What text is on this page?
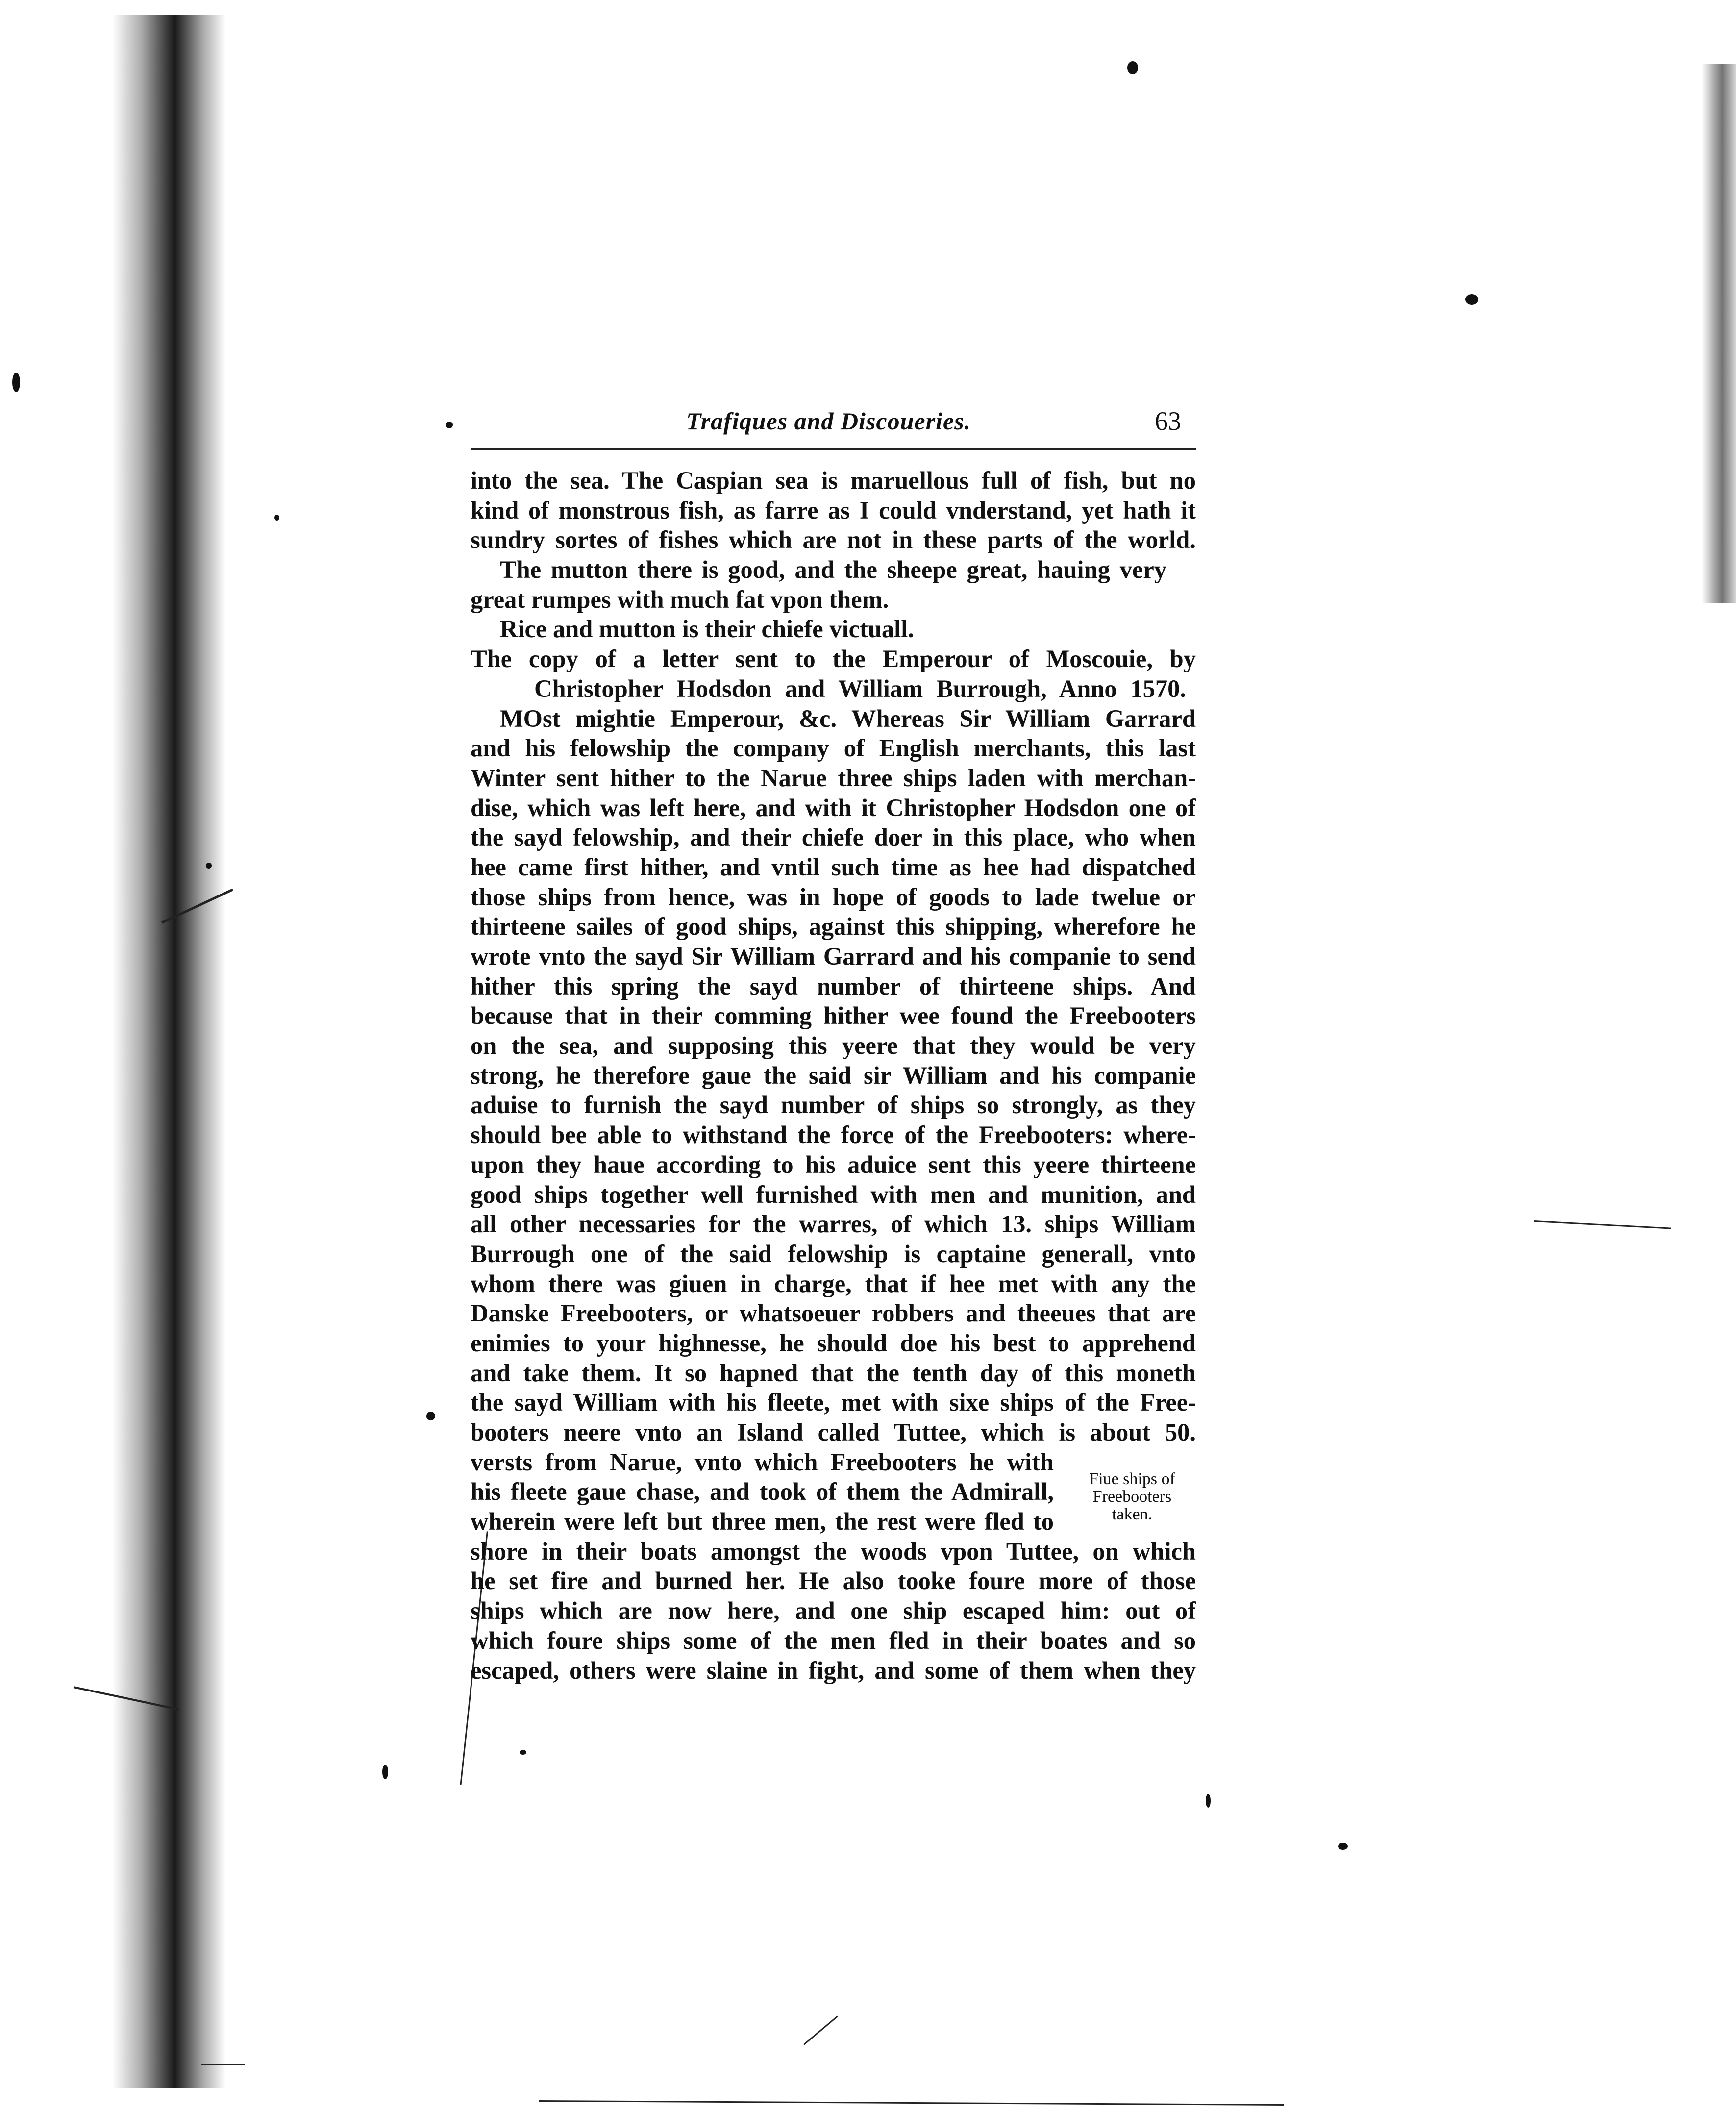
Trafiques and Discoueries.	63
into the sea. The Caspian sea is maruellous full of fish, but no
kind of monstrous fish, as farre as I could vnderstand, yet hath it
sundry sortes of fishes which are not in these parts of the world.
The mutton there is good, and the sheepe great, hauing very
great rumpes with much fat vpon them.
Rice and mutton is their chiefe victuall.
The copy of a letter sent to the Emperour of Moscouie, by
Christopher Hodsdon and William Burrough, Anno 1570.
MOst mightie Emperour, &c. Whereas Sir William Garrard
and his felowship the company of English merchants, this last
Winter sent hither to the Narue three ships laden with merchan-
dise, which was left here, and with it Christopher Hodsdon one of
the sayd felowship, and their chiefe doer in this place, who when
hee came first hither, and vntil such time as hee had dispatched
those ships from hence, was in hope of goods to lade twelue or
thirteene sailes of good ships, against this shipping, wherefore he
wrote vnto the sayd Sir William Garrard and his companie to send
hither this spring the sayd number of thirteene ships. And
because that in their comming hither wee found the Freebooters
on the sea, and supposing this yeere that they would be very
strong, he therefore gaue the said sir William and his companie
aduise to furnish the sayd number of ships so strongly, as they
should bee able to withstand the force of the Freebooters: where-
upon they haue according to his aduice sent this yeere thirteene
good ships together well furnished with men and munition, and
all other necessaries for the warres, of which 13. ships William
Burrough one of the said felowship is captaine generall, vnto
whom there was giuen in charge, that if hee met with any the
Danske Freebooters, or whatsoeuer robbers and theeues that are
enimies to your highnesse, he should doe his best to apprehend
and take them. It so hapned that the tenth day of this moneth
the sayd William with his fleete, met with sixe ships of the Free-
booters neere vnto an Island called Tuttee, which is about 50.
versts from Narue, vnto which Freebooters he with
his fleete gaue chase, and took of them the Admirall,
wherein were left but three men, the rest were fled to
shore in their boats amongst the woods vpon Tuttee, on which
he set fire and burned her. He also tooke foure more of those
ships which are now here, and one ship escaped him: out of
which foure ships some of the men fled in their boates and so
escaped, others were slaine in fight, and some of them when they
Fiue ships of
Freebooters
taken.
